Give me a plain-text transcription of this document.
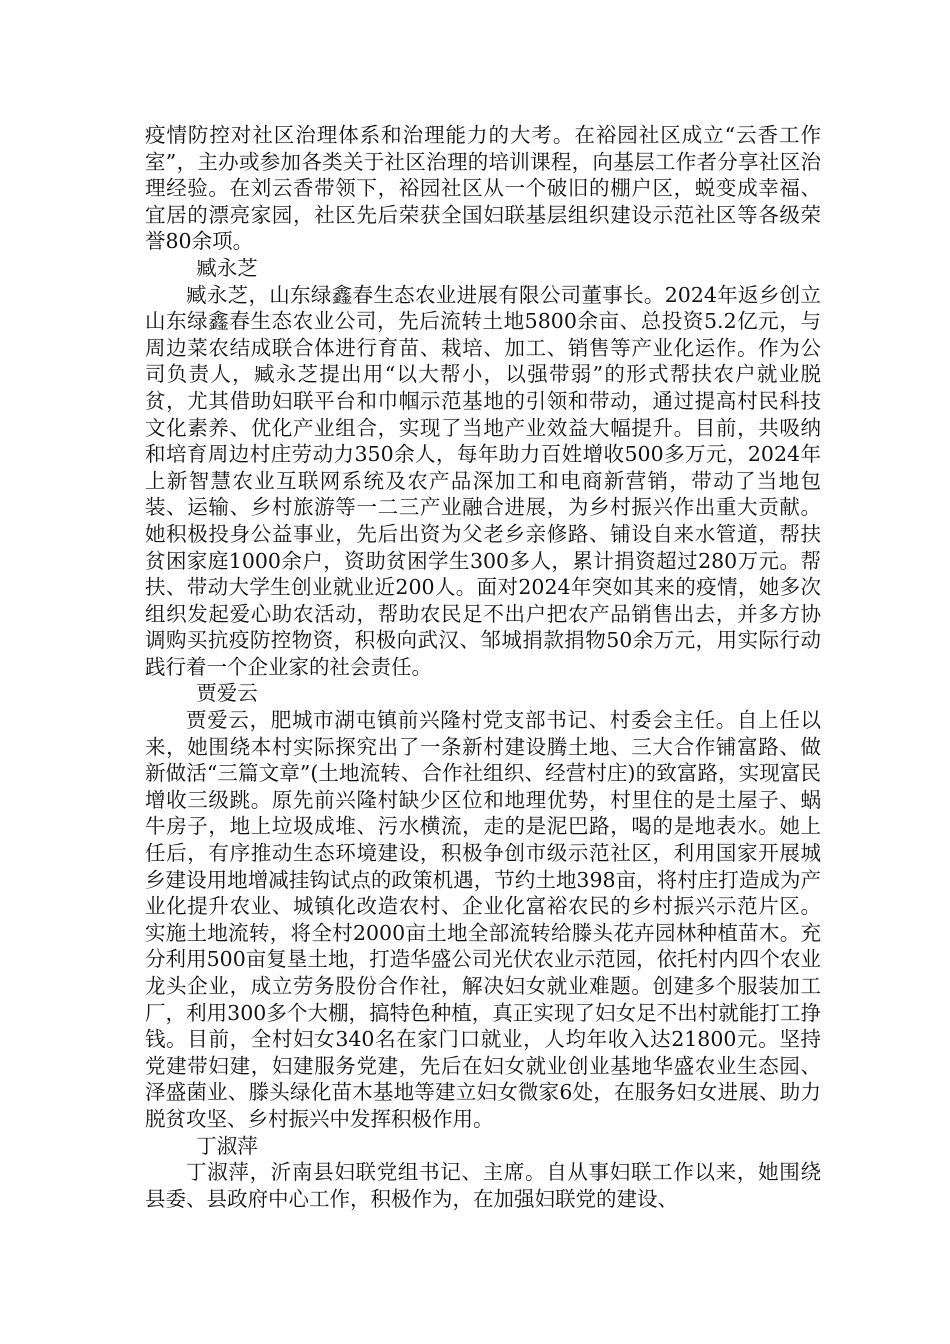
疫情防控对社区治理体系和治理能力的大考。在裕园社区成立“云香工作室”，主办或参加各类关于社区治理的培训课程，向基层工作者分享社区治理经验。在刘云香带领下，裕园社区从一个破旧的棚户区，蜕变成幸福、宜居的漂亮家园，社区先后荣获全国妇联基层组织建设示范社区等各级荣誉80余项。

臧永芝

臧永芝，山东绿鑫春生态农业进展有限公司董事长。2024年返乡创立山东绿鑫春生态农业公司，先后流转土地5800余亩、总投资5.2亿元，与周边菜农结成联合体进行育苗、栽培、加工、销售等产业化运作。作为公司负责人，臧永芝提出用“以大帮小，以强带弱”的形式帮扶农户就业脱贫，尤其借助妇联平台和巾帼示范基地的引领和带动，通过提高村民科技文化素养、优化产业组合，实现了当地产业效益大幅提升。目前，共吸纳和培育周边村庄劳动力350余人，每年助力百姓增收500多万元，2024年上新智慧农业互联网系统及农产品深加工和电商新营销，带动了当地包装、运输、乡村旅游等一二三产业融合进展，为乡村振兴作出重大贡献。她积极投身公益事业，先后出资为父老乡亲修路、铺设自来水管道，帮扶贫困家庭1000余户，资助贫困学生300多人，累计捐资超过280万元。帮扶、带动大学生创业就业近200人。面对2024年突如其来的疫情，她多次组织发起爱心助农活动，帮助农民足不出户把农产品销售出去，并多方协调购买抗疫防控物资，积极向武汉、邹城捐款捐物50余万元，用实际行动践行着一个企业家的社会责任。

贾爱云

贾爱云，肥城市湖屯镇前兴隆村党支部书记、村委会主任。自上任以来，她围绕本村实际探究出了一条新村建设腾土地、三大合作铺富路、做新做活“三篇文章”(土地流转、合作社组织、经营村庄)的致富路，实现富民增收三级跳。原先前兴隆村缺少区位和地理优势，村里住的是土屋子、蜗牛房子，地上垃圾成堆、污水横流，走的是泥巴路，喝的是地表水。她上任后，有序推动生态环境建设，积极争创市级示范社区，利用国家开展城乡建设用地增减挂钩试点的政策机遇，节约土地398亩，将村庄打造成为产业化提升农业、城镇化改造农村、企业化富裕农民的乡村振兴示范片区。实施土地流转，将全村2000亩土地全部流转给滕头花卉园林种植苗木。充分利用500亩复垦土地，打造华盛公司光伏农业示范园，依托村内四个农业龙头企业，成立劳务股份合作社，解决妇女就业难题。创建多个服装加工厂，利用300多个大棚，搞特色种植，真正实现了妇女足不出村就能打工挣钱。目前，全村妇女340名在家门口就业，人均年收入达21800元。坚持党建带妇建，妇建服务党建，先后在妇女就业创业基地华盛农业生态园、泽盛菌业、滕头绿化苗木基地等建立妇女微家6处，在服务妇女进展、助力脱贫攻坚、乡村振兴中发挥积极作用。

丁淑萍

丁淑萍，沂南县妇联党组书记、主席。自从事妇联工作以来，她围绕县委、县政府中心工作，积极作为，在加强妇联党的建设、
